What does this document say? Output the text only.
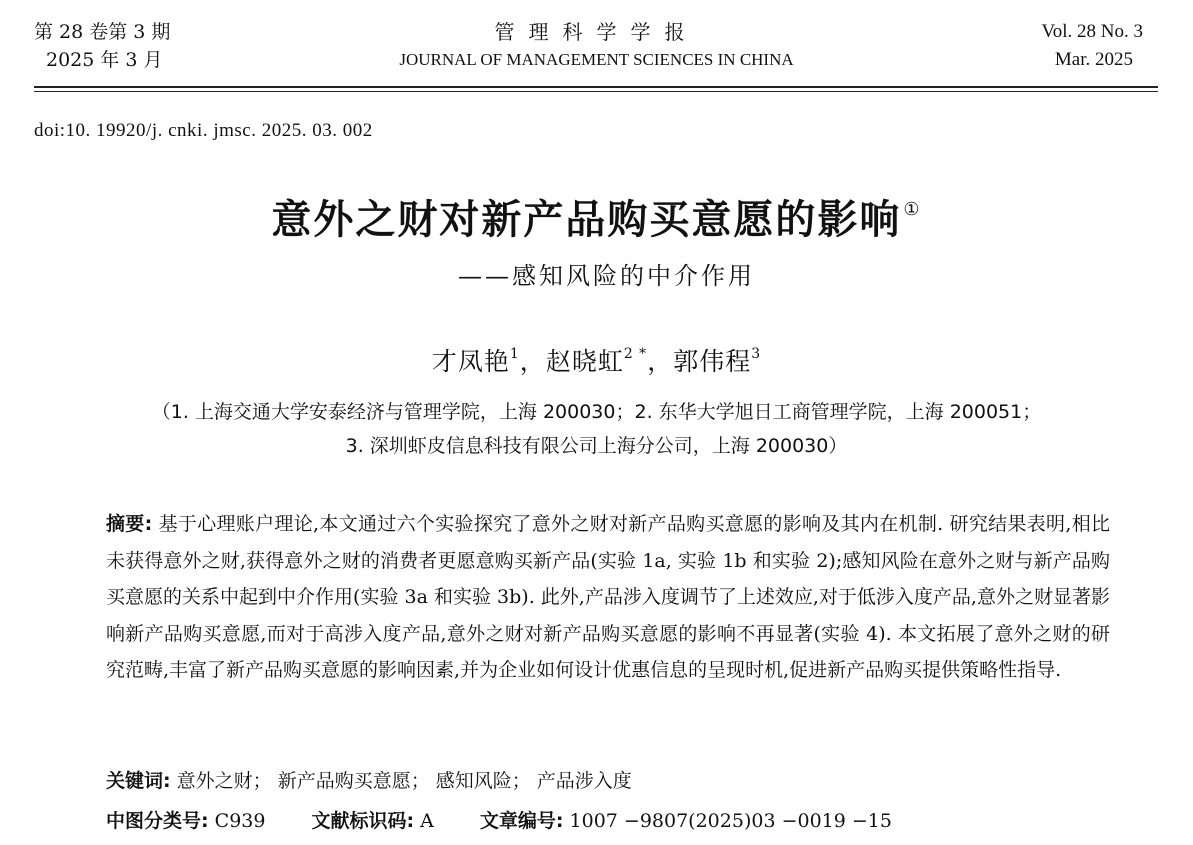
第 28 卷第 3 期
2025 年 3 月
管理科学学报
JOURNAL OF MANAGEMENT SCIENCES IN CHINA
Vol. 28 No. 3
Mar. 2025
doi:10. 19920/j. cnki. jmsc. 2025. 03. 002
意外之财对新产品购买意愿的影响 ①
——感知风险的中介作用
才凤艳$^1$，赵晓虹$^{2 *}$，郭伟程$^3$
（1. 上海交通大学安泰经济与管理学院，上海 200030；2. 东华大学旭日工商管理学院，上海 200051；
3. 深圳虾皮信息科技有限公司上海分公司，上海 200030）
摘要: 基于心理账户理论,本文通过六个实验探究了意外之财对新产品购买意愿的影响及其内在机制. 研究结果表明,相比未获得意外之财,获得意外之财的消费者更愿意购买新产品(实验 1a, 实验 1b 和实验 2);感知风险在意外之财与新产品购买意愿的关系中起到中介作用(实验 3a 和实验 3b). 此外,产品涉入度调节了上述效应,对于低涉入度产品,意外之财显著影响新产品购买意愿,而对于高涉入度产品,意外之财对新产品购买意愿的影响不再显著(实验 4). 本文拓展了意外之财的研究范畴,丰富了新产品购买意愿的影响因素,并为企业如何设计优惠信息的呈现时机,促进新产品购买提供策略性指导.
关键词: 意外之财； 新产品购买意愿； 感知风险； 产品涉入度
中图分类号: C939 文献标识码: A 文章编号: 1007 −9807(2025)03 −0019 −15
